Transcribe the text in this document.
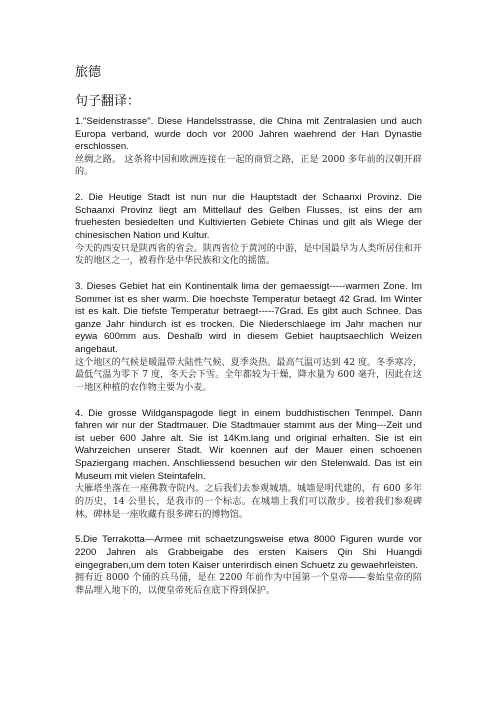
旅德
句子翻译：

1."Seidenstrasse". Diese Handelsstrasse, die China mit Zentralasien und auch Europa verband, wurde doch vor 2000 Jahren waehrend der Han Dynastie erschlossen.

丝绸之路。 这条将中国和欧洲连接在一起的商贸之路，正是 2000 多年前的汉朝开辟的。

2. Die Heutige Stadt ist nun nur die Hauptstadt der Schaanxi Provinz. Die Schaanxi Provinz liegt am Mittellauf des Gelben Flusses, ist eins der am fruehesten besiedelten und Kultivierten Gebiete Chinas und gilt als Wiege der chinesischen Nation und Kultur.

今天的西安只是陕西省的省会。陕西省位于黄河的中游，是中国最早为人类所居住和开发的地区之一，被看作是中华民族和文化的摇篮。

3. Dieses Gebiet hat ein Kontinentalk lima der gemaessigt-----warmen Zone. Im Sommer ist es sher warm. Die hoechste Temperatur betaegt 42 Grad. Im Winter ist es kalt. Die tiefste Temperatur betraegt-----7Grad. Es gibt auch Schnee. Das ganze Jahr hindurch ist es trocken. Die Niederschlaege im Jahr machen nur eywa 600mm aus. Deshalb wird in diesem Gebiet hauptsaechlich Weizen angebaut.

这个地区的气候是暖温带大陆性气候、夏季炎热。最高气温可达到 42 度。冬季寒冷，最低气温为零下 7 度，冬天会下雪。全年都较为干燥，降水量为 600 毫升，因此在这一地区种植的农作物主要为小麦。

4. Die grosse Wildganspagode liegt in einem buddhistischen Tenmpel. Dann fahren wir nur der Stadtmauer. Die Stadtmauer stammt aus der Ming---Zeit und ist ueber 600 Jahre alt. Sie ist 14Km.lang und original erhalten. Sie ist ein Wahrzeichen unserer Stadt. Wir koennen auf der Mauer einen schoenen Spaziergang machen. Anschliessend besuchen wir den Stelenwald. Das ist ein Museum mit vielen Steintafeln.

大雁塔坐落在一座佛教寺院内。之后我们去参观城墙。城墙是明代建的，有 600 多年的历史，14 公里长，是我市的一个标志。在城墙上我们可以散步。接着我们参观碑林。碑林是一座收藏有很多碑石的博物馆。

5.Die Terrakotta—Armee mit schaetzungsweise etwa 8000 Figuren wurde vor 2200 Jahren als Grabbeigabe des ersten Kaisers Qin Shi Huangdi eingegraben,um dem toten Kaiser unterirdisch einen Schuetz zu gewaehrleisten.

拥有近 8000 个俑的兵马俑，是在 2200 年前作为中国第一个皇帝——秦始皇帝的陪葬品埋入地下的，以便皇帝死后在底下得到保护。
